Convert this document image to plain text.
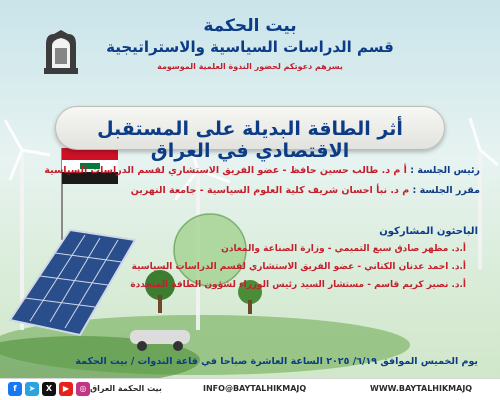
بيت الحكمة
قسم الدراسات السياسية والاستراتيجية
يسرهم دعوتكم لحضور الندوة العلمية الموسومة
أثر الطاقة البديلة على المستقبل الاقتصادي في العراق
رئيس الجلسة : أ م د. طالب حسين حافظ - عضو الفريق الاستشاري لقسم الدراسات السياسية
مقرر الجلسة : م د. نبأ احسان شريف كلية العلوم السياسية - جامعة النهرين
الباحثون المشاركون
أ.د. مظهر صادق سبع التميمي - وزارة الصناعة والمعادن
أ.د. احمد عدنان الكناني - عضو الفريق الاستشاري لقسم الدراسات السياسية
أ.د. نصير كريم قاسم - مستشار السيد رئيس الوزراء لشؤون الطاقة المتجددة
يوم الخميس الموافق ٦/١٩/ ٢٠٢٥ الساعة العاشرة صباحا في قاعة الندوات / بيت الحكمة
f	➤	X	▶	◎ بيت الحكمة العراق	INFO@BAYTALHIKMAJQ	WWW.BAYTALHIKMAJQ
